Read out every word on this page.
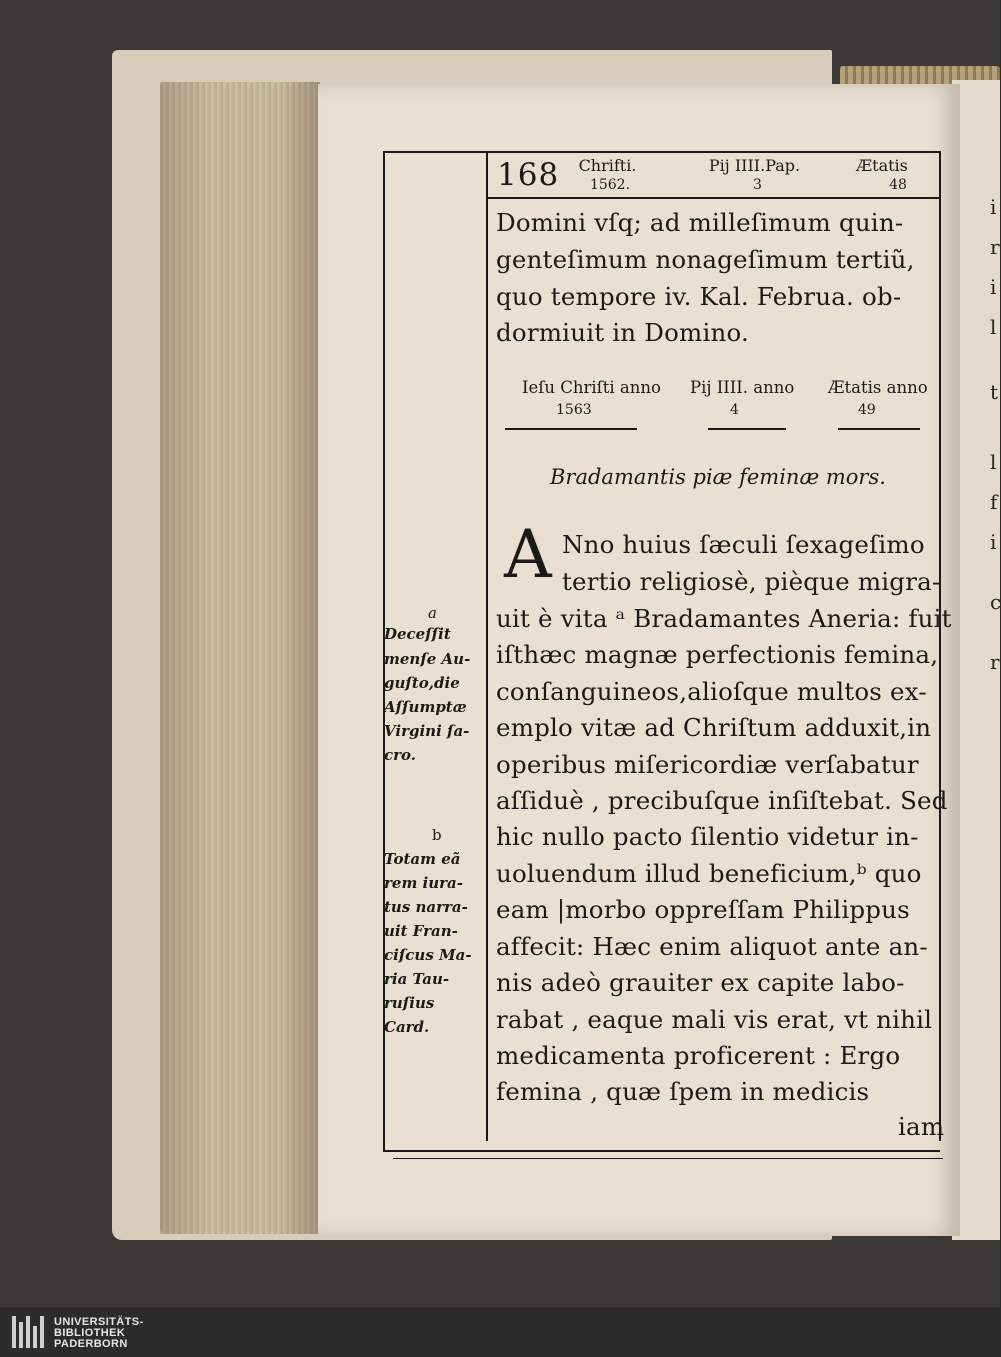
i
r
i
l
t
l
f
i
c
r
168	Chrifti.
1562.
Pij IIII.Pap.
3
Ætatis
48
Domini vſq; ad milleſimum quin-
genteſimum nonageſimum tertiũ,
quo tempore iv. Kal. Februa. ob-
dormiuit in Domino.
Ieſu Chriſti anno
1563
Pij IIII. anno
4
Ætatis anno
49
Bradamantis piæ feminæ mors.
A Nno huius ſæculi ſexageſimo
tertio religiosè, pièque migra-
uit è vita ᵃ Bradamantes Aneria: fuit
iſthæc magnæ perfectionis femina,
conſanguineos,alioſque multos ex-
emplo vitæ ad Chriſtum adduxit,in
operibus miſericordiæ verſabatur
aſſiduè , precibuſque inſiſtebat. Sed
hic nullo pacto ſilentio videtur in-
uoluendum illud beneficium,ᵇ quo
eam |morbo oppreſſam Philippus
affecit: Hæc enim aliquot ante an-
nis adeò grauiter ex capite labo-
rabat , eaque mali vis erat, vt nihil
medicamenta proficerent : Ergo
femina , quæ ſpem in medicis
iam
a
Deceſſit
menſe Au-
guſto,die
Aſſumptæ
Virgini ſa-
cro.
b
Totam eã
rem iura-
tus narra-
uit Fran-
ciſcus Ma-
ria Tau-
ruſius
Card.
UNIVERSITÄTS-
BIBLIOTHEK
PADERBORN
